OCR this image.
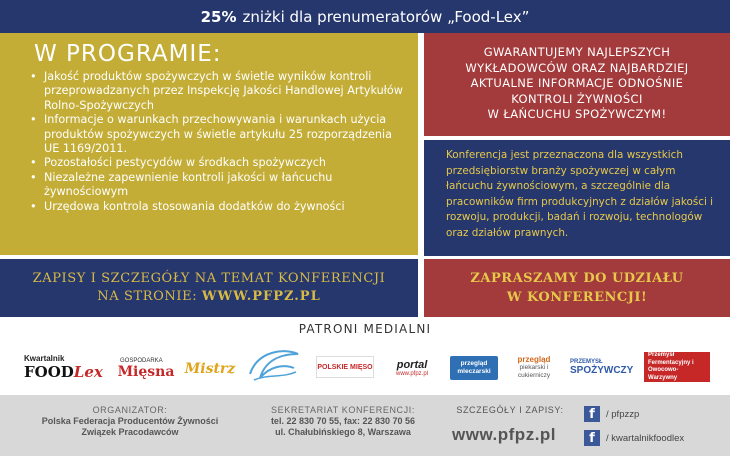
25% zniżki dla prenumeratorów „Food-Lex”
W PROGRAMIE:
• Jakość produktów spożywczych w świetle wyników kontroli przeprowadzanych przez Inspekcję Jakości Handlowej Artykułów Rolno-Spożywczych
• Informacje o warunkach przechowywania i warunkach użycia produktów spożywczych w świetle artykułu 25 rozporządzenia UE 1169/2011.
• Pozostałości pestycydów w środkach spożywczych
• Niezależne zapewnienie kontroli jakości w łańcuchu żywnościowym
• Urzędowa kontrola stosowania dodatków do żywności
GWARANTUJEMY NAJLEPSZYCH
WYKŁADOWCÓW ORAZ NAJBARDZIEJ
AKTUALNE INFORMACJE ODNOŚNIE
KONTROLI ŻYWNOŚCI
W ŁAŃCUCHU SPOŻYWCZYM!

Konferencja jest przeznaczona dla wszystkich przedsiębiorstw branży spożywczej w całym łańcuchu żywnościowym, a szczególnie dla pracowników firm produkcyjnych z działów jakości i rozwoju, produkcji, badań i rozwoju, technologów oraz działów prawnych.

ZAPISY I SZCZEGÓŁY NA TEMAT KONFERENCJI
NA STRONIE: WWW.PFPZ.PL
ZAPRASZAMY DO UDZIAŁU
W KONFERENCJI!
PATRONI MEDIALNI
Kwartalnik
FOODLex
GOSPODARKA
Mięsna Mistrz	POLSKIE MIĘSO portal
www.pfpz.pl
przegląd mleczarski
przegląd
piekarski i cukierniczy
PRZEMYSŁ
SPOŻYWCZY
Przemysł Fermentacyjny i Owocowo-Warzywny
ORGANIZATOR:
Polska Federacja Producentów Żywności
Związek Pracodawców
SEKRETARIAT KONFERENCJI:
tel. 22 830 70 55, fax: 22 830 70 56
ul. Chałubińskiego 8, Warszawa
SZCZEGÓŁY I ZAPISY:
www.pfpz.pl
f	/ pfpzzp
f	/ kwartalnikfoodlex
